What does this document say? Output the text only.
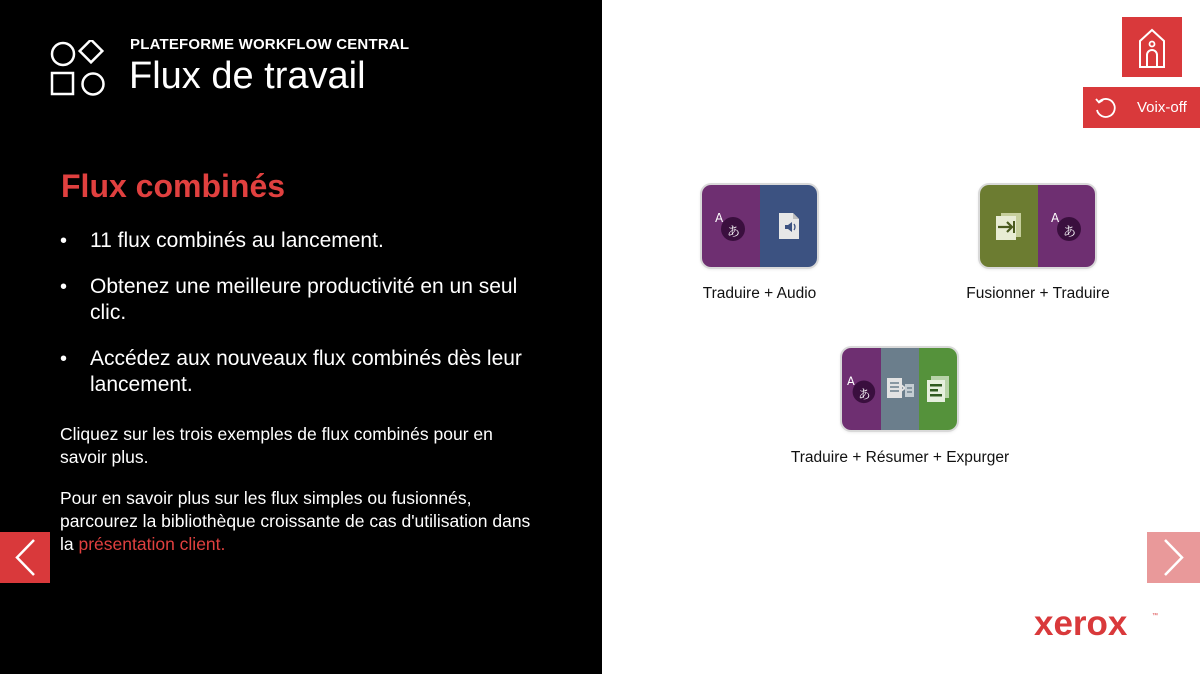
PLATEFORME WORKFLOW CENTRAL
Flux de travail
Flux combinés
• 11 flux combinés au lancement.
• Obtenez une meilleure productivité en un seul clic.
• Accédez aux nouveaux flux combinés dès leur lancement.

Cliquez sur les trois exemples de flux combinés pour en savoir plus.

Pour en savoir plus sur les flux simples ou fusionnés, parcourez la bibliothèque croissante de cas d'utilisation dans la présentation client.

Voix-off
A
あ
Traduire + Audio
A
あ
Fusionner + Traduire
A
あ
Traduire + Résumer + Expurger
xerox	™
